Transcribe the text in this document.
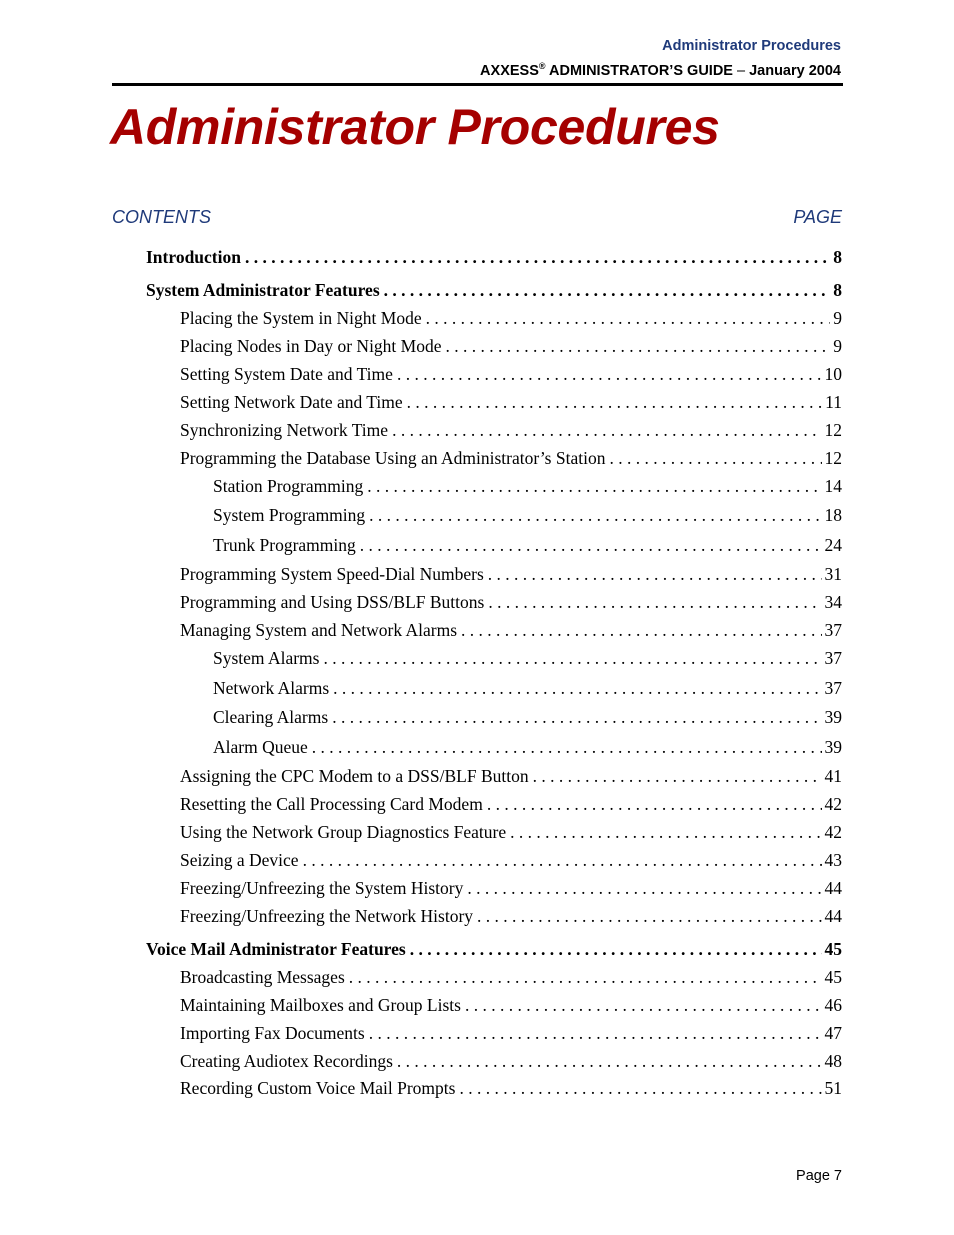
Administrator Procedures
AXXESS® ADMINISTRATOR’S GUIDE – January 2004
Administrator Procedures
CONTENTS	PAGE
Introduction . . .	8
System Administrator Features . . .	8
Placing the System in Night Mode . . .	9
Placing Nodes in Day or Night Mode . . .	9
Setting System Date and Time . . .	10
Setting Network Date and Time . . .	11
Synchronizing Network Time . . .	12
Programming the Database Using an Administrator’s Station . . .	12
Station Programming . . .	14
System Programming . . .	18
Trunk Programming . . .	24
Programming System Speed-Dial Numbers . . .	31
Programming and Using DSS/BLF Buttons . . .	34
Managing System and Network Alarms . . .	37
System Alarms . . .	37
Network Alarms . . .	37
Clearing Alarms . . .	39
Alarm Queue . . .	39
Assigning the CPC Modem to a DSS/BLF Button . . .	41
Resetting the Call Processing Card Modem . . .	42
Using the Network Group Diagnostics Feature . . .	42
Seizing a Device . . .	43
Freezing/Unfreezing the System History . . .	44
Freezing/Unfreezing the Network History . . .	44
Voice Mail Administrator Features . . .	45
Broadcasting Messages . . .	45
Maintaining Mailboxes and Group Lists . . .	46
Importing Fax Documents . . .	47
Creating Audiotex Recordings . . .	48
Recording Custom Voice Mail Prompts . . .	51
Page 7
